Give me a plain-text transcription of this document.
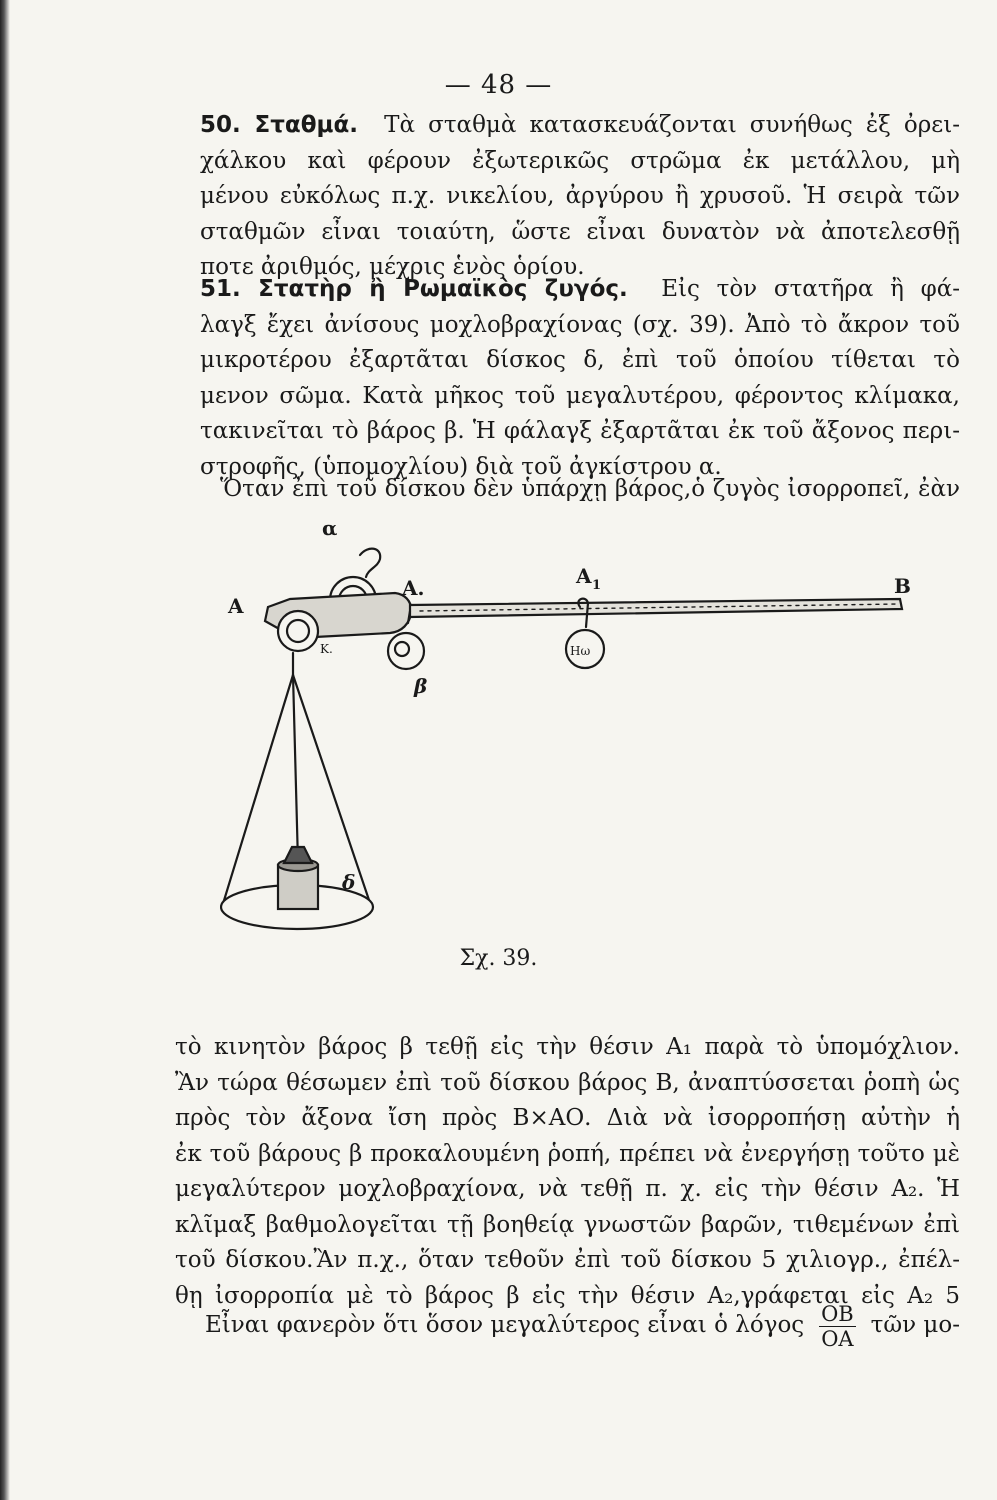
— 48 —
50. Σταθμά. Τὰ σταθμὰ κατασκευάζονται συνήθως ἐξ ὀρει-
χάλκου καὶ φέρουν ἐξωτερικῶς στρῶμα ἐκ μετάλλου, μὴ
μένου εὐκόλως π.χ. νικελίου, ἀργύρου ἢ χρυσοῦ. Ἡ σειρὰ τῶν
σταθμῶν εἶναι τοιαύτη, ὥστε εἶναι δυνατὸν νὰ ἀποτελεσθῇ
ποτε ἀριθμός, μέχρις ἑνὸς ὁρίου.
51. Στατὴρ ἢ Ρωμαϊκὸς ζυγός. Εἰς τὸν στατῆρα ἢ φά-
λαγξ ἔχει ἀνίσους μοχλοβραχίονας (σχ. 39). Ἀπὸ τὸ ἄκρον τοῦ
μικροτέρου ἐξαρτᾶται δίσκος δ, ἐπὶ τοῦ ὁποίου τίθεται τὸ
μενον σῶμα. Κατὰ μῆκος τοῦ μεγαλυτέρου, φέροντος κλίμακα,
τακινεῖται τὸ βάρος β. Ἡ φάλαγξ ἐξαρτᾶται ἐκ τοῦ ἄξονος περι-
στροφῆς, (ὑπομοχλίου) διὰ τοῦ ἀγκίστρου α.
Ὅταν ἐπὶ τοῦ δίσκου δὲν ὑπάρχῃ βάρος,ὁ ζυγὸς ἰσορροπεῖ, ἐὰν
α
Α
Α.	Α 1	Β
β
δ
Ηω
Κ.
Σχ. 39.
τὸ κινητὸν βάρος β τεθῇ εἰς τὴν θέσιν Α₁ παρὰ τὸ ὑπομόχλιον.
Ἂν τώρα θέσωμεν ἐπὶ τοῦ δίσκου βάρος Β, ἀναπτύσσεται ῥοπὴ ὡς
πρὸς τὸν ἄξονα ἴση πρὸς Β×ΑΟ. Διὰ νὰ ἰσορροπήσῃ αὐτὴν ἡ
ἐκ τοῦ βάρους β προκαλουμένη ῥοπή, πρέπει νὰ ἐνεργήσῃ τοῦτο μὲ
μεγαλύτερον μοχλοβραχίονα, νὰ τεθῇ π. χ. εἰς τὴν θέσιν Α₂. Ἡ
κλῖμαξ βαθμολογεῖται τῇ βοηθείᾳ γνωστῶν βαρῶν, τιθεμένων ἐπὶ
τοῦ δίσκου.Ἂν π.χ., ὅταν τεθοῦν ἐπὶ τοῦ δίσκου 5 χιλιογρ., ἐπέλ-
θῃ ἰσορροπία μὲ τὸ βάρος β εἰς τὴν θέσιν Α₂,γράφεται εἰς Α₂ 5
Εἶναι φανερὸν ὅτι ὅσον μεγαλύτερος εἶναι ὁ λόγος $\frac{OB}{OA}$ τῶν μο-
